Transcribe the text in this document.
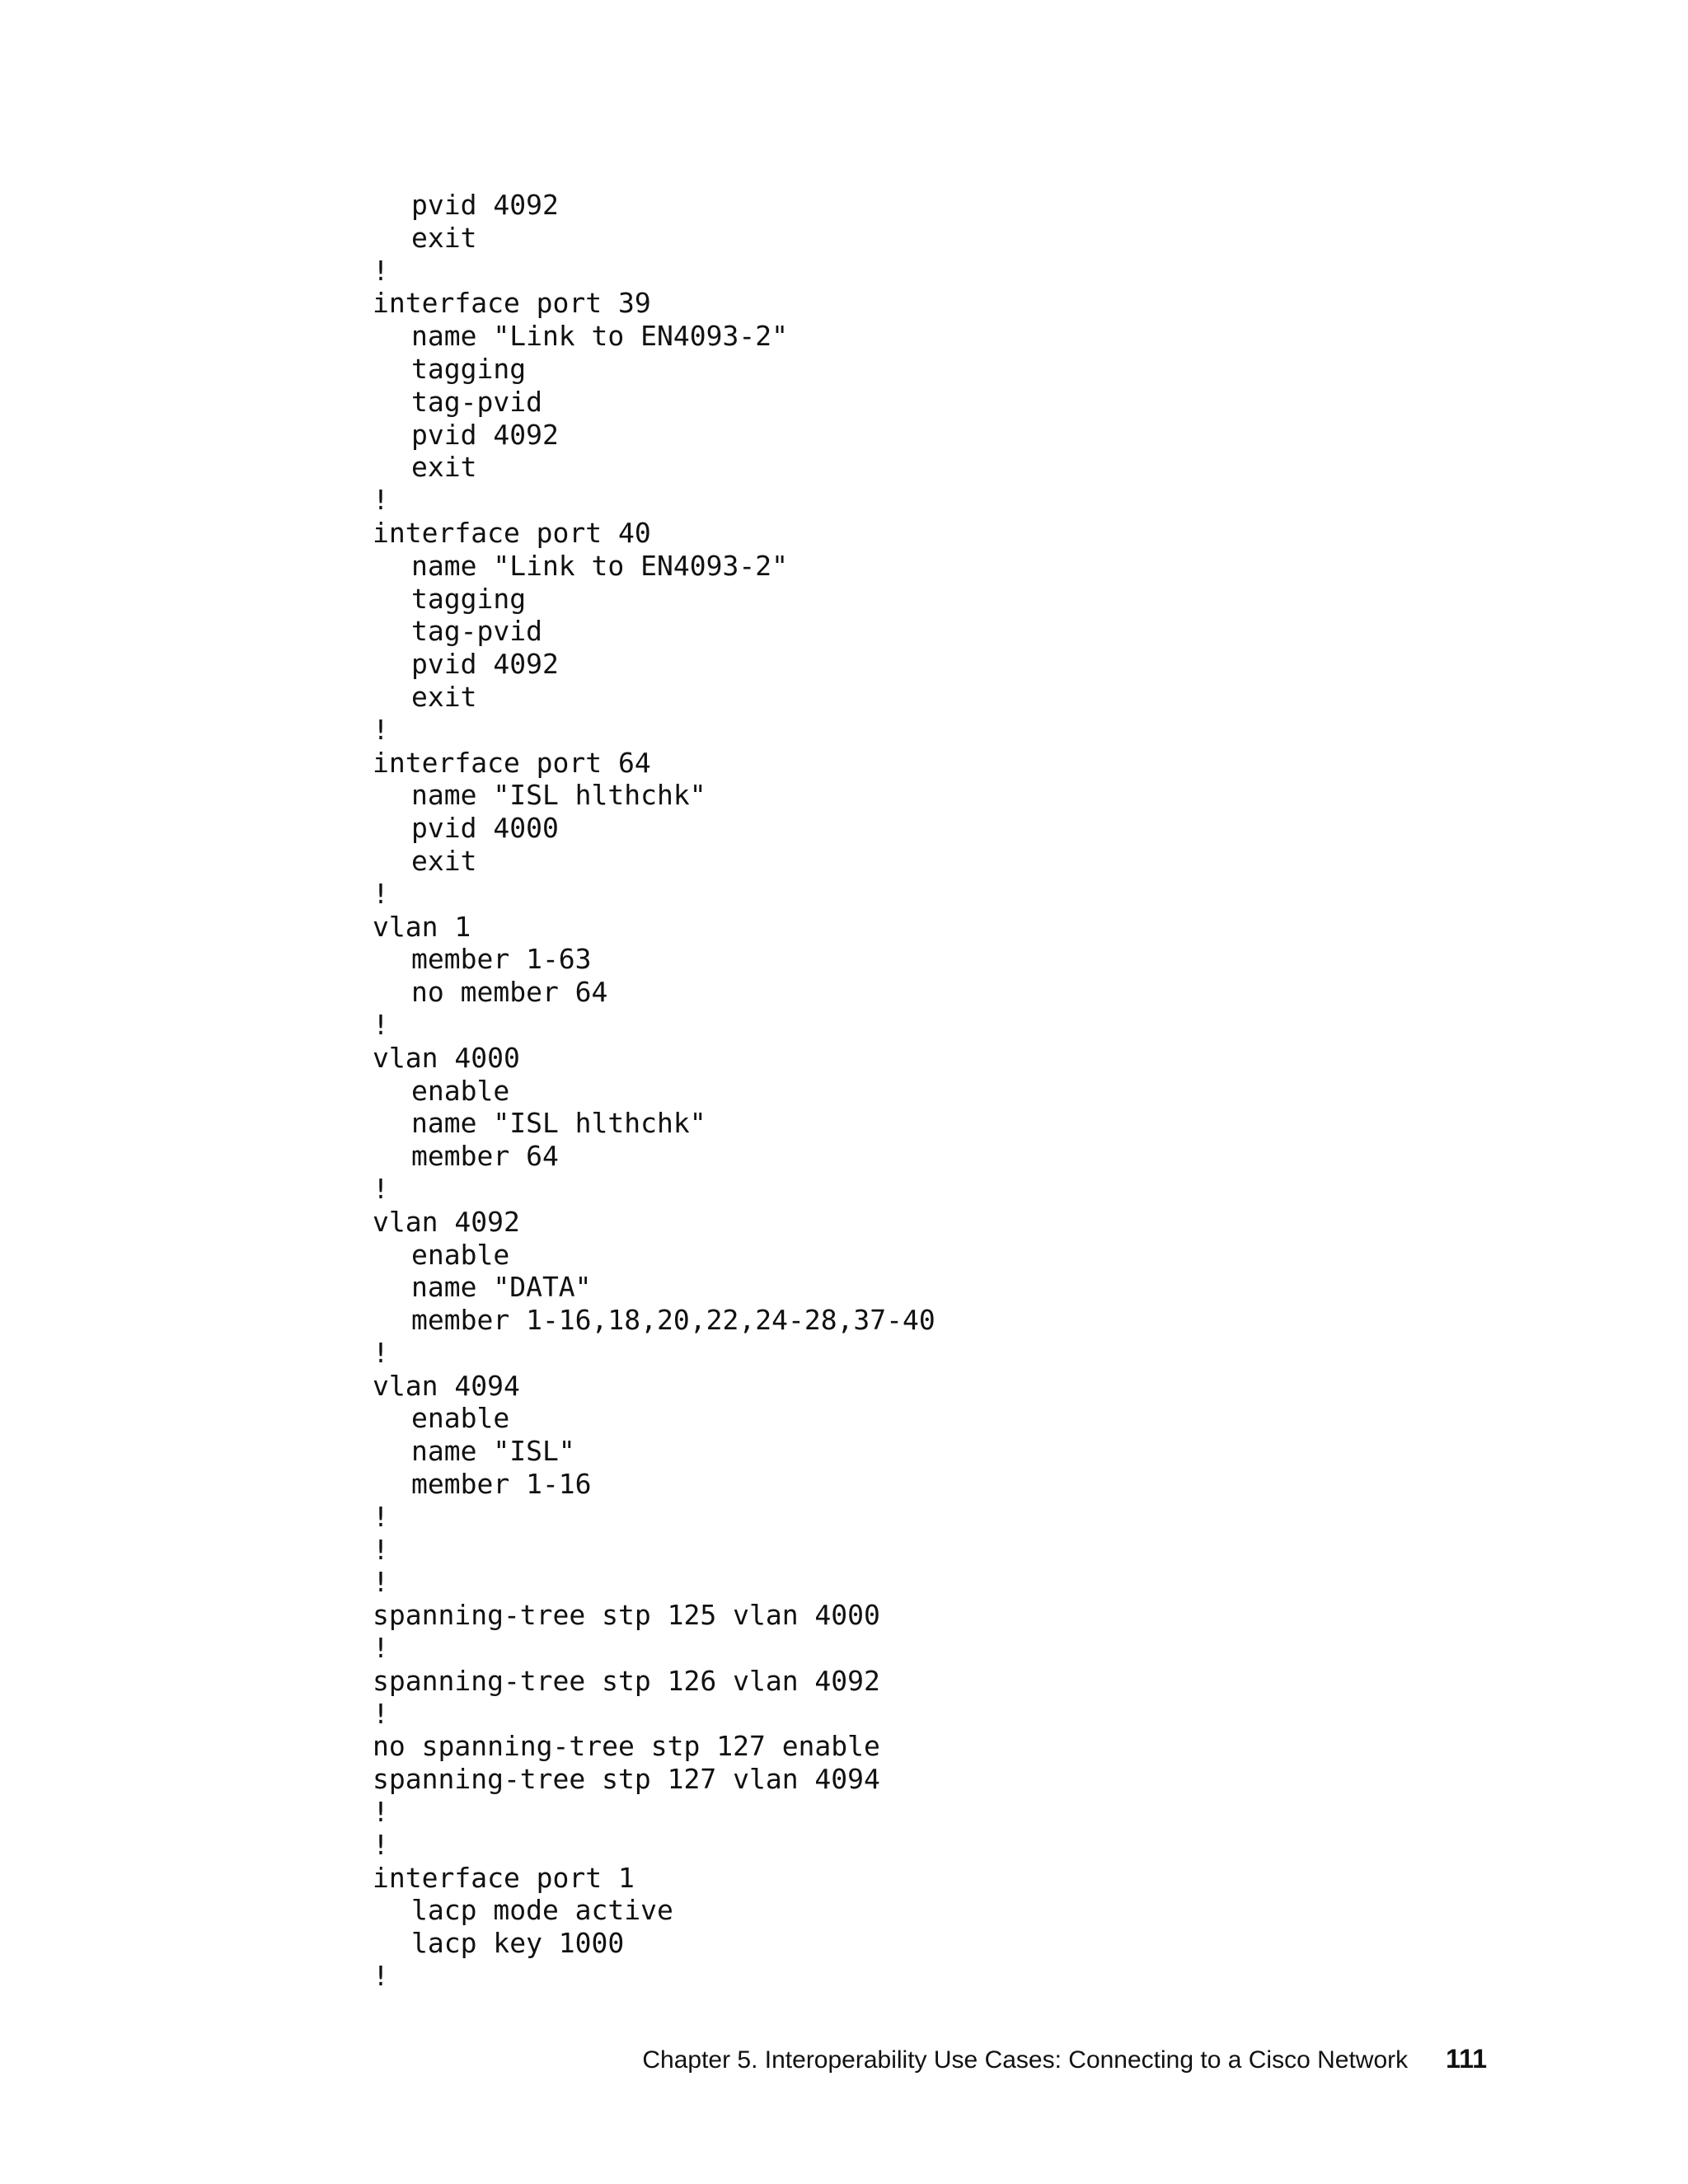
pvid 4092
exit
!
interface port 39
name "Link to EN4093-2"
tagging
tag-pvid
pvid 4092
exit
!
interface port 40
name "Link to EN4093-2"
tagging
tag-pvid
pvid 4092
exit
!
interface port 64
name "ISL hlthchk"
pvid 4000
exit
!
vlan 1
member 1-63
no member 64
!
vlan 4000
enable
name "ISL hlthchk"
member 64
!
vlan 4092
enable
name "DATA"
member 1-16,18,20,22,24-28,37-40
!
vlan 4094
enable
name "ISL"
member 1-16
!
!
!
spanning-tree stp 125 vlan 4000
!
spanning-tree stp 126 vlan 4092
!
no spanning-tree stp 127 enable
spanning-tree stp 127 vlan 4094
!
!
interface port 1
lacp mode active
lacp key 1000
!
Chapter 5. Interoperability Use Cases: Connecting to a Cisco Network 111
